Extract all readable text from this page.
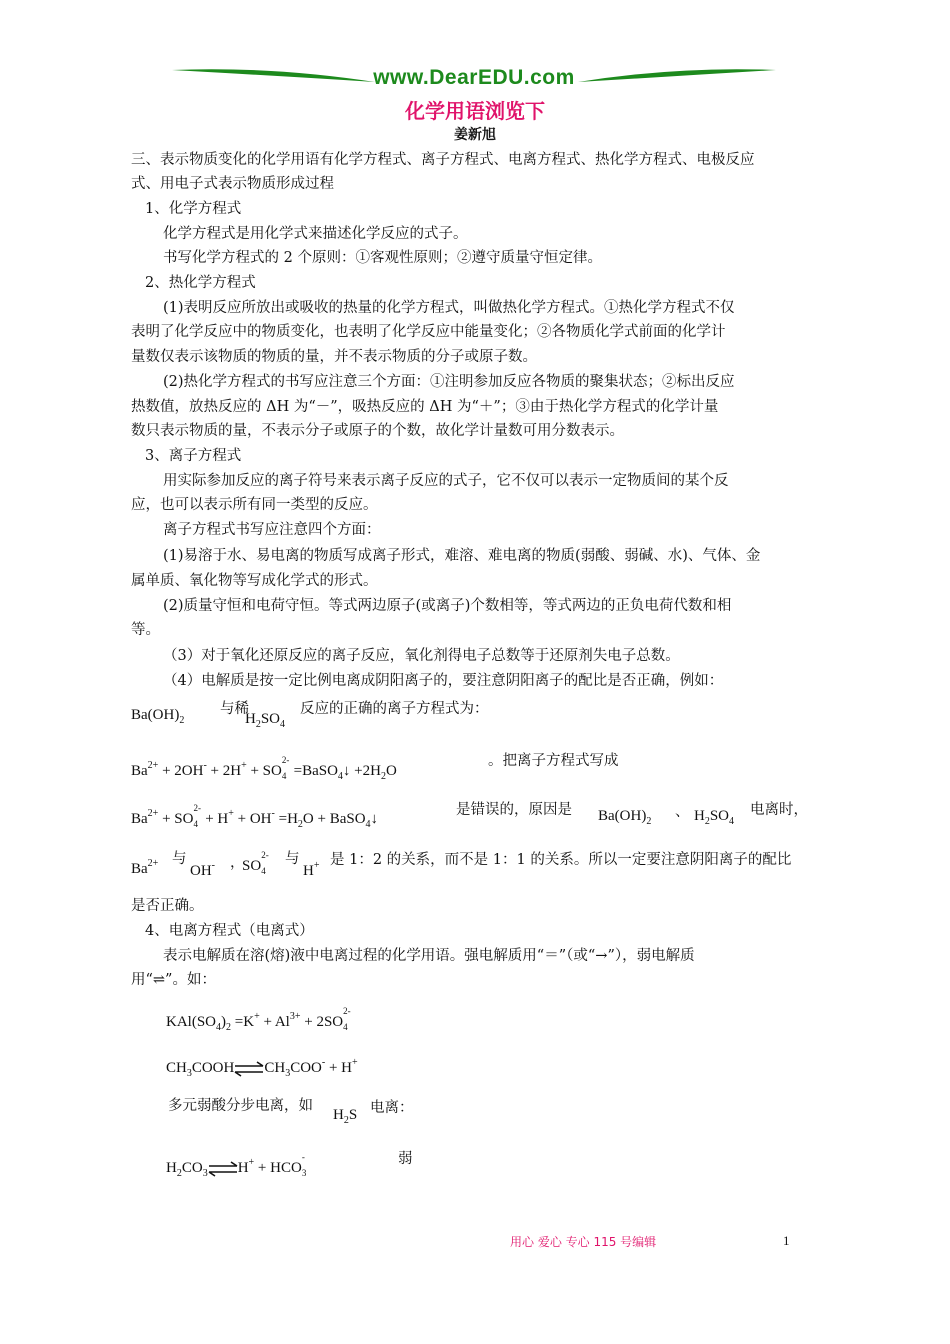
www.DearEDU.com
化学用语浏览下
姜新旭
三、表示物质变化的化学用语有化学方程式、离子方程式、电离方程式、热化学方程式、电极反应
式、用电子式表示物质形成过程
1、化学方程式
化学方程式是用化学式来描述化学反应的式子。
书写化学方程式的 2 个原则：①客观性原则；②遵守质量守恒定律。
2、热化学方程式
(1)表明反应所放出或吸收的热量的化学方程式，叫做热化学方程式。①热化学方程式不仅
表明了化学反应中的物质变化，也表明了化学反应中能量变化；②各物质化学式前面的化学计
量数仅表示该物质的物质的量，并不表示物质的分子或原子数。
(2)热化学方程式的书写应注意三个方面：①注明参加反应各物质的聚集状态；②标出反应
热数值，放热反应的 ΔH 为“－”，吸热反应的 ΔH 为“＋”；③由于热化学方程式的化学计量
数只表示物质的量，不表示分子或原子的个数，故化学计量数可用分数表示。
3、离子方程式
用实际参加反应的离子符号来表示离子反应的式子，它不仅可以表示一定物质间的某个反
应，也可以表示所有同一类型的反应。
离子方程式书写应注意四个方面：
(1)易溶于水、易电离的物质写成离子形式，难溶、难电离的物质(弱酸、弱碱、水)、气体、金
属单质、氧化物等写成化学式的形式。
(2)质量守恒和电荷守恒。等式两边原子(或离子)个数相等，等式两边的正负电荷代数和相
等。
（3）对于氧化还原反应的离子反应，氧化剂得电子总数等于还原剂失电子总数。
（4）电解质是按一定比例电离成阴阳离子的，要注意阴阳离子的配比是否正确，例如：
$Ba(OH)_2$
与稀
$H_2SO_4$
反应的正确的离子方程式为：
$Ba^{2+} + 2OH^- + 2H^+$ + SO
2-
4 =BaSO$_4$↓ $+2H_2O$
。把离子方程式写成
$Ba^{2+}$ + SO
2-
$4 + H^+ + OH^- =H_2O$ + BaSO$_4$↓
是错误的，原因是 $Ba(OH)_2$
、 $H_2SO_4$
电离时，
$Ba^{2+}$ 与
OH- ，
SO
2-
4
与
H+ 是 1：2 的关系，而不是 1：1 的关系。所以一定要注意阴阳离子的配比
是否正确。
4、电离方程式（电离式）
表示电解质在溶(熔)液中电离过程的化学用语。强电解质用“＝”（或“→”），弱电解质
用“⇌”。如：
$KAl(SO_4)_2 =K^+ + Al^{3+} + 2SO$
2-
4
$CH_3COOH\rightleftharpoons CH_3COO^- + H^+$
多元弱酸分步电离，如
$H_2S$ 电离：
$H_2CO_3\rightleftharpoons H^+$ + HCO
-
3
弱
用心 爱心 专心 115 号编辑	1
